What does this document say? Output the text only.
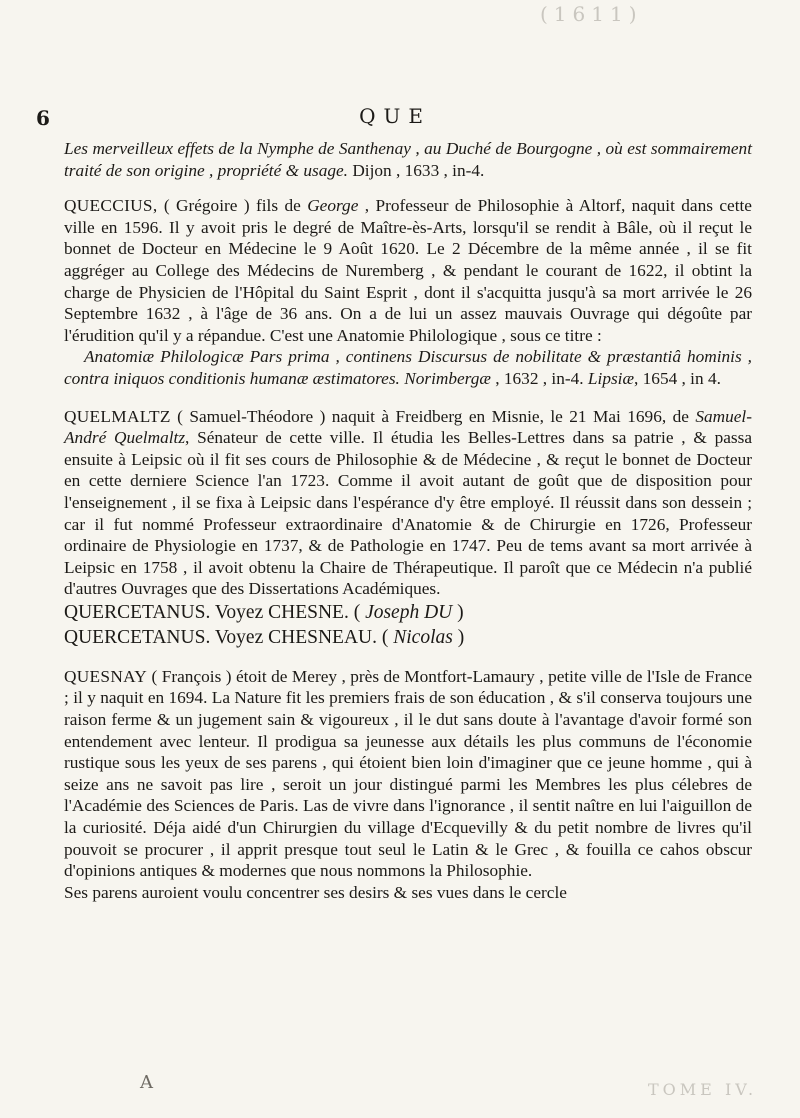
(1611)
6	QUE

Les merveilleux effets de la Nymphe de Santhenay , au Duché de Bourgogne , où est sommairement traité de son origine , propriété & usage. Dijon , 1633 , in-4.

QUECCIUS, ( Grégoire ) fils de George , Professeur de Philosophie à Altorf, naquit dans cette ville en 1596. Il y avoit pris le degré de Maître-ès-Arts, lorsqu'il se rendit à Bâle, où il reçut le bonnet de Docteur en Médecine le 9 Août 1620. Le 2 Décembre de la même année , il se fit aggréger au College des Médecins de Nuremberg , & pendant le courant de 1622, il obtint la charge de Physicien de l'Hôpital du Saint Esprit , dont il s'acquitta jusqu'à sa mort arrivée le 26 Septembre 1632 , à l'âge de 36 ans. On a de lui un assez mauvais Ouvrage qui dégoûte par l'érudition qu'il y a répandue. C'est une Anatomie Philologique , sous ce titre :

Anatomiæ Philologicæ Pars prima , continens Discursus de nobilitate & præstantiâ hominis , contra iniquos conditionis humanæ æstimatores. Norimbergæ , 1632 , in-4. Lipsiæ, 1654 , in 4.

QUELMALTZ ( Samuel-Théodore ) naquit à Freidberg en Misnie, le 21 Mai 1696, de Samuel-André Quelmaltz, Sénateur de cette ville. Il étudia les Belles-Lettres dans sa patrie , & passa ensuite à Leipsic où il fit ses cours de Philosophie & de Médecine , & reçut le bonnet de Docteur en cette derniere Science l'an 1723. Comme il avoit autant de goût que de disposition pour l'enseignement , il se fixa à Leipsic dans l'espérance d'y être employé. Il réussit dans son dessein ; car il fut nommé Professeur extraordinaire d'Anatomie & de Chirurgie en 1726, Professeur ordinaire de Physiologie en 1737, & de Pathologie en 1747. Peu de tems avant sa mort arrivée à Leipsic en 1758 , il avoit obtenu la Chaire de Thérapeutique. Il paroît que ce Médecin n'a publié d'autres Ouvrages que des Dissertations Académiques.

QUERCETANUS. Voyez CHESNE. ( Joseph DU )

QUERCETANUS. Voyez CHESNEAU. ( Nicolas )

QUESNAY ( François ) étoit de Merey , près de Montfort-Lamaury , petite ville de l'Isle de France ; il y naquit en 1694. La Nature fit les premiers frais de son éducation , & s'il conserva toujours une raison ferme & un jugement sain & vigoureux , il le dut sans doute à l'avantage d'avoir formé son entendement avec lenteur. Il prodigua sa jeunesse aux détails les plus communs de l'économie rustique sous les yeux de ses parens , qui étoient bien loin d'imaginer que ce jeune homme , qui à seize ans ne savoit pas lire , seroit un jour distingué parmi les Membres les plus célebres de l'Académie des Sciences de Paris. Las de vivre dans l'ignorance , il sentit naître en lui l'aiguillon de la curiosité. Déja aidé d'un Chirurgien du village d'Ecquevilly & du petit nombre de livres qu'il pouvoit se procurer , il apprit presque tout seul le Latin & le Grec , & fouilla ce cahos obscur d'opinions antiques & modernes que nous nommons la Philosophie.

Ses parens auroient voulu concentrer ses desirs & ses vues dans le cercle

A	TOME IV.
